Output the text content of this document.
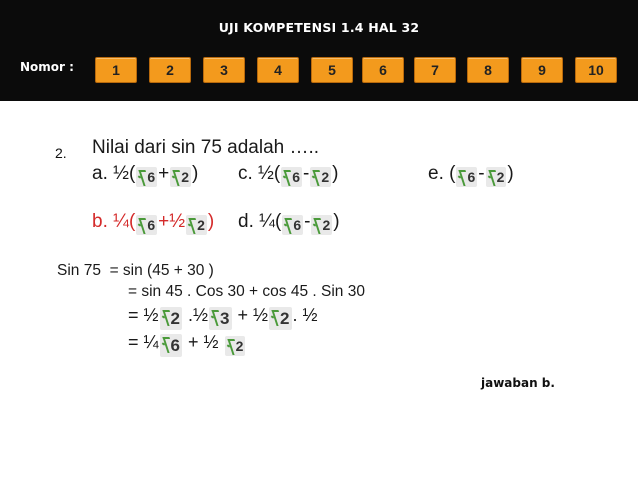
UJI KOMPETENSI 1.4 HAL 32
Nomor :	1	2	3	4	5	6	7	8	9	10
2. Nilai dari sin 75 adalah …..
a. ½( 6 + 2 ) c. ½( 6 - 2 )	e. ( 6 - 2 )
b. ¼( 6 +½ 2 ) d. ¼( 6 - 2 )
Sin 75 = sin (45 + 30 )
= sin 45 . Cos 30 + cos 45 . Sin 30
= ½ 2 .½ 3 + ½ 2 . ½
= ¼ 6 + ½ 2
jawaban b.
